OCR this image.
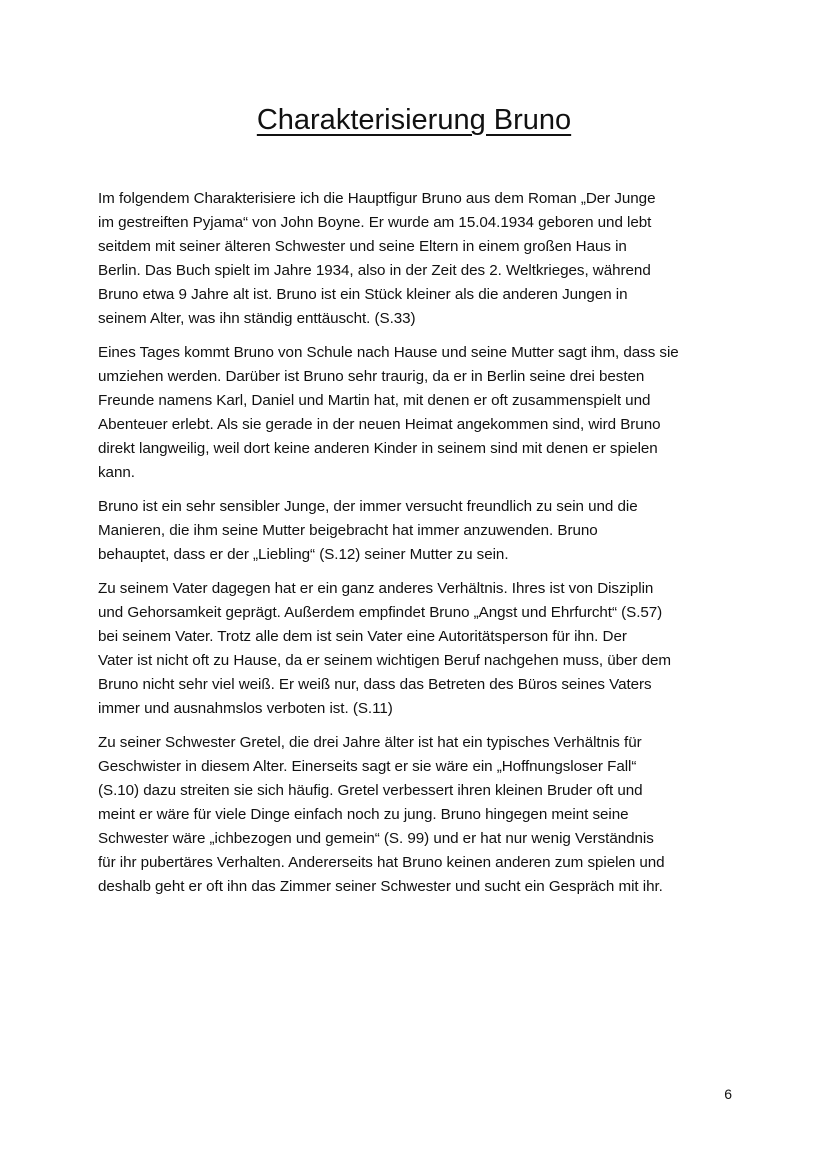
Charakterisierung Bruno

Im folgendem Charakterisiere ich die Hauptfigur Bruno aus dem Roman „Der Junge
im gestreiften Pyjama“ von John Boyne. Er wurde am 15.04.1934 geboren und lebt
seitdem mit seiner älteren Schwester und seine Eltern in einem großen Haus in
Berlin. Das Buch spielt im Jahre 1934, also in der Zeit des 2. Weltkrieges, während
Bruno etwa 9 Jahre alt ist. Bruno ist ein Stück kleiner als die anderen Jungen in
seinem Alter, was ihn ständig enttäuscht. (S.33)

Eines Tages kommt Bruno von Schule nach Hause und seine Mutter sagt ihm, dass sie
umziehen werden. Darüber ist Bruno sehr traurig, da er in Berlin seine drei besten
Freunde namens Karl, Daniel und Martin hat, mit denen er oft zusammenspielt und
Abenteuer erlebt. Als sie gerade in der neuen Heimat angekommen sind, wird Bruno
direkt langweilig, weil dort keine anderen Kinder in seinem sind mit denen er spielen
kann.

Bruno ist ein sehr sensibler Junge, der immer versucht freundlich zu sein und die
Manieren, die ihm seine Mutter beigebracht hat immer anzuwenden. Bruno
behauptet, dass er der „Liebling“ (S.12) seiner Mutter zu sein.

Zu seinem Vater dagegen hat er ein ganz anderes Verhältnis. Ihres ist von Disziplin
und Gehorsamkeit geprägt. Außerdem empfindet Bruno „Angst und Ehrfurcht“ (S.57)
bei seinem Vater. Trotz alle dem ist sein Vater eine Autoritätsperson für ihn. Der
Vater ist nicht oft zu Hause, da er seinem wichtigen Beruf nachgehen muss, über dem
Bruno nicht sehr viel weiß. Er weiß nur, dass das Betreten des Büros seines Vaters
immer und ausnahmslos verboten ist. (S.11)

Zu seiner Schwester Gretel, die drei Jahre älter ist hat ein typisches Verhältnis für
Geschwister in diesem Alter. Einerseits sagt er sie wäre ein „Hoffnungsloser Fall“
(S.10) dazu streiten sie sich häufig. Gretel verbessert ihren kleinen Bruder oft und
meint er wäre für viele Dinge einfach noch zu jung. Bruno hingegen meint seine
Schwester wäre „ichbezogen und gemein“ (S. 99) und er hat nur wenig Verständnis
für ihr pubertäres Verhalten. Andererseits hat Bruno keinen anderen zum spielen und
deshalb geht er oft ihn das Zimmer seiner Schwester und sucht ein Gespräch mit ihr.

6
